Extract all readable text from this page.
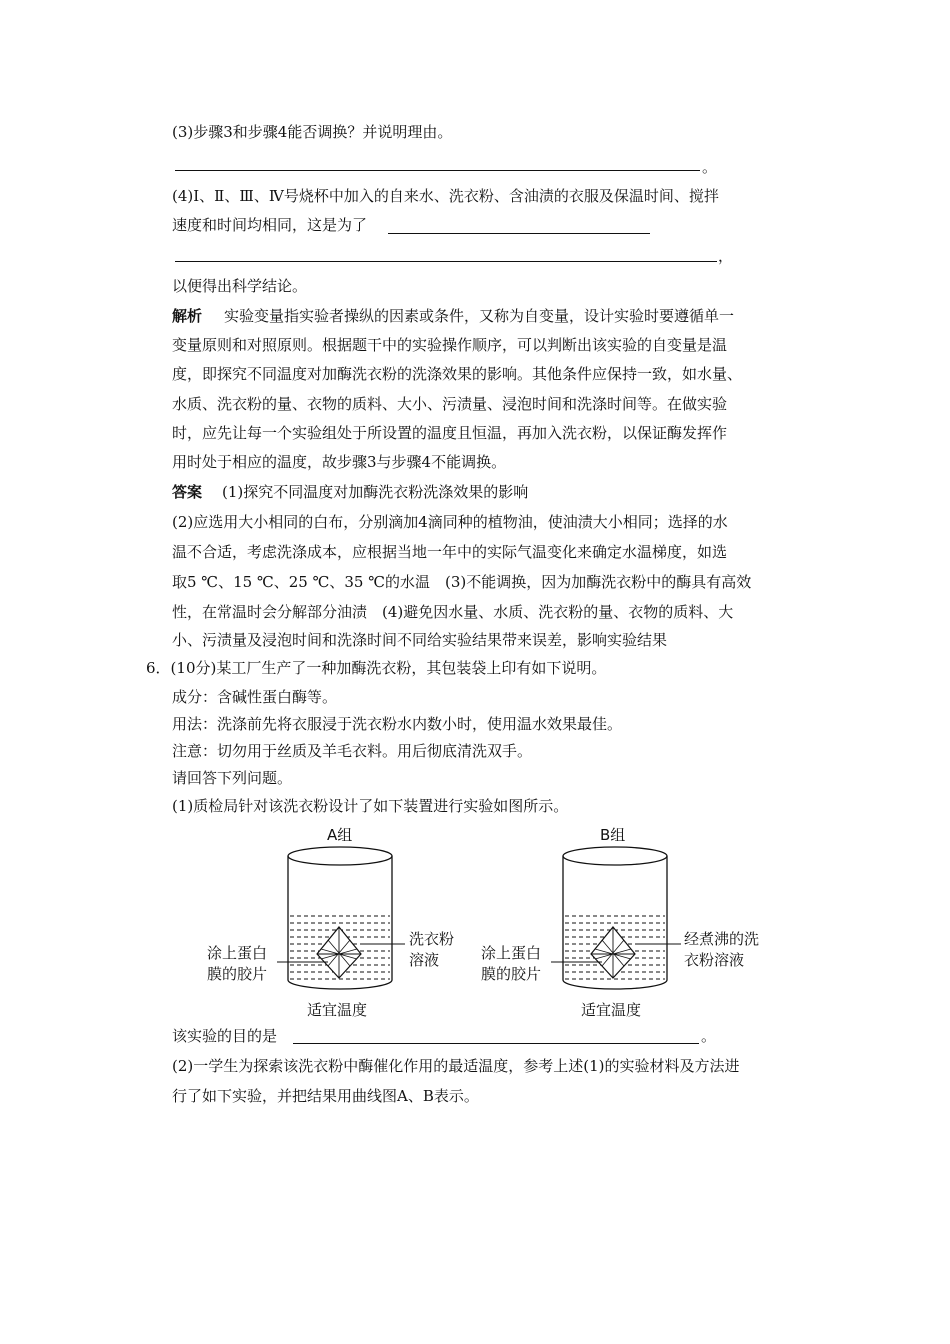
(3)步骤3和步骤4能否调换？并说明理由。
。
(4)Ⅰ、Ⅱ、Ⅲ、Ⅳ号烧杯中加入的自来水、洗衣粉、含油渍的衣服及保温时间、搅拌
速度和时间均相同，这是为了
，
以便得出科学结论。
解析 实验变量指实验者操纵的因素或条件，又称为自变量，设计实验时要遵循单一
变量原则和对照原则。根据题干中的实验操作顺序，可以判断出该实验的自变量是温
度，即探究不同温度对加酶洗衣粉的洗涤效果的影响。其他条件应保持一致，如水量、
水质、洗衣粉的量、衣物的质料、大小、污渍量、浸泡时间和洗涤时间等。在做实验
时，应先让每一个实验组处于所设置的温度且恒温，再加入洗衣粉，以保证酶发挥作
用时处于相应的温度，故步骤3与步骤4不能调换。
答案 (1)探究不同温度对加酶洗衣粉洗涤效果的影响
(2)应选用大小相同的白布，分别滴加4滴同种的植物油，使油渍大小相同；选择的水
温不合适，考虑洗涤成本，应根据当地一年中的实际气温变化来确定水温梯度，如选
取5 ℃、15 ℃、25 ℃、35 ℃的水温　(3)不能调换，因为加酶洗衣粉中的酶具有高效
性，在常温时会分解部分油渍　(4)避免因水量、水质、洗衣粉的量、衣物的质料、大
小、污渍量及浸泡时间和洗涤时间不同给实验结果带来误差，影响实验结果
6．(10分)某工厂生产了一种加酶洗衣粉，其包装袋上印有如下说明。
成分：含碱性蛋白酶等。
用法：洗涤前先将衣服浸于洗衣粉水内数小时，使用温水效果最佳。
注意：切勿用于丝质及羊毛衣料。用后彻底清洗双手。
请回答下列问题。
(1)质检局针对该洗衣粉设计了如下装置进行实验如图所示。
A组
涂上蛋白
膜的胶片
洗衣粉
溶液
适宜温度
B组
涂上蛋白
膜的胶片
经煮沸的洗
衣粉溶液
适宜温度
该实验的目的是	。
(2)一学生为探索该洗衣粉中酶催化作用的最适温度，参考上述(1)的实验材料及方法进
行了如下实验，并把结果用曲线图A、B表示。
